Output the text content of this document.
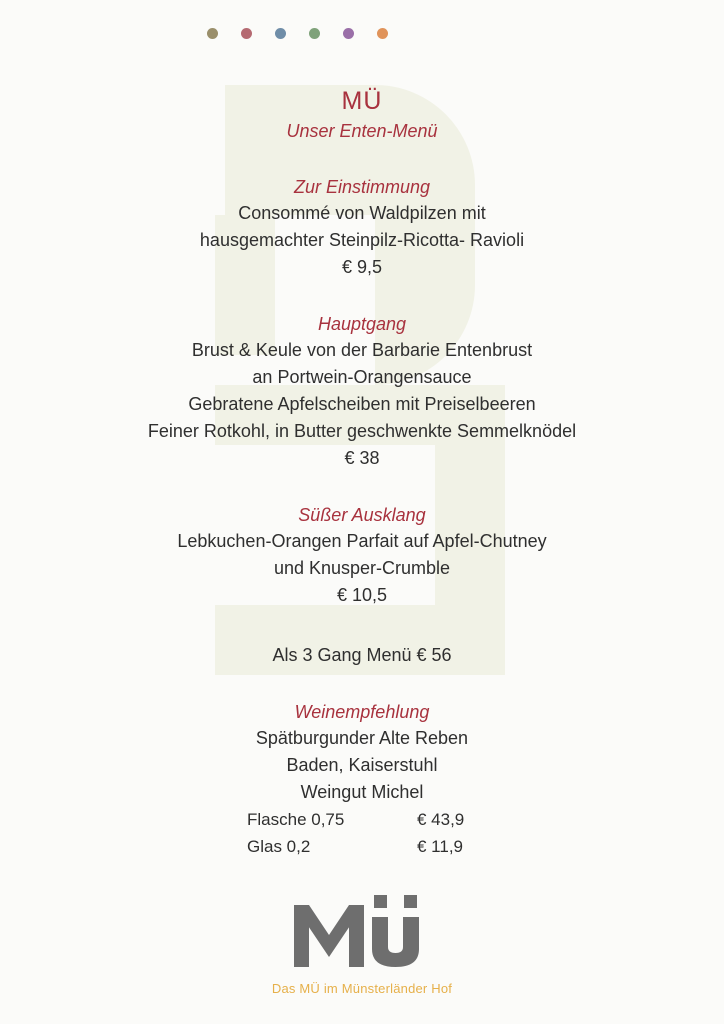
MÜ
Unser Enten-Menü
Zur Einstimmung
Consommé von Waldpilzen mit
hausgemachter Steinpilz-Ricotta- Ravioli
€ 9,5
Hauptgang
Brust & Keule von der Barbarie Entenbrust
an Portwein-Orangensauce
Gebratene Apfelscheiben mit Preiselbeeren
Feiner Rotkohl, in Butter geschwenkte Semmelknödel
€ 38
Süßer Ausklang
Lebkuchen-Orangen Parfait auf Apfel-Chutney
und Knusper-Crumble
€ 10,5
Als 3 Gang Menü € 56
Weinempfehlung
Spätburgunder Alte Reben
Baden, Kaiserstuhl
Weingut Michel
Flasche 0,75	€ 43,9
Glas 0,2	€ 11,9
Das MÜ im Münsterländer Hof
